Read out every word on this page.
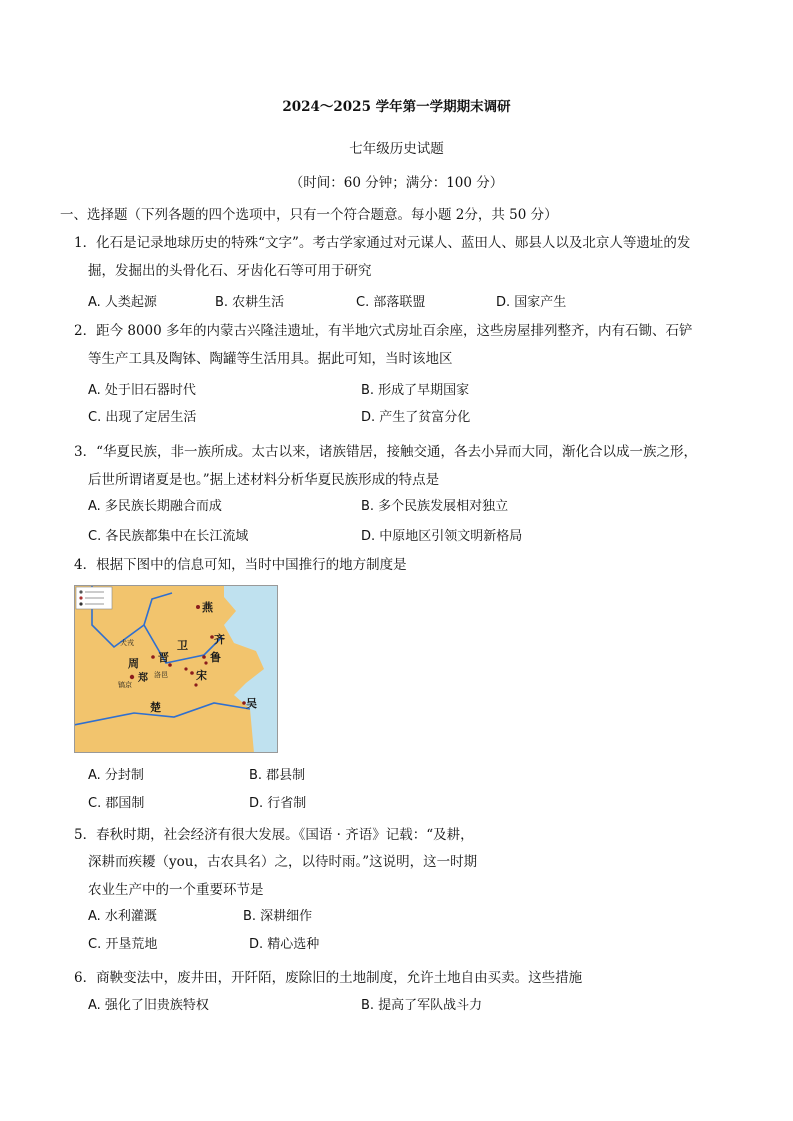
2024～2025 学年第一学期期末调研
七年级历史试题
（时间：60 分钟；满分：100 分）
一、选择题（下列各题的四个选项中，只有一个符合题意。每小题 2分，共 50 分）
1．化石是记录地球历史的特殊“文字”。考古学家通过对元谋人、蓝田人、郧县人以及北京人等遗址的发
掘，发掘出的头骨化石、牙齿化石等可用于研究
A. 人类起源	B. 农耕生活	C. 部落联盟	D. 国家产生
2．距今 8000 多年的内蒙古兴隆洼遗址，有半地穴式房址百余座，这些房屋排列整齐，内有石锄、石铲
等生产工具及陶钵、陶罐等生活用具。据此可知，当时该地区
A. 处于旧石器时代	B. 形成了早期国家
C. 出现了定居生活	D. 产生了贫富分化
3．“华夏民族，非一族所成。太古以来，诸族错居，接触交通，各去小异而大同，渐化合以成一族之形，
后世所谓诸夏是也。”据上述材料分析华夏民族形成的特点是
A. 多民族长期融合而成	B. 多个民族发展相对独立
C. 各民族都集中在长江流域	D. 中原地区引领文明新格局
4．根据下图中的信息可知，当时中国推行的地方制度是
燕
齐
鲁
卫
晋
周
郑	宋
楚	吴
犬戎
镐京
洛邑
A. 分封制	B. 郡县制
C. 郡国制	D. 行省制
5．春秋时期，社会经济有很大发展。《国语 · 齐语》记载：“及耕，
深耕而疾耰（you，古农具名）之，以待时雨。”这说明，这一时期
农业生产中的一个重要环节是
A. 水利灌溉	B. 深耕细作
C. 开垦荒地	D. 精心选种
6．商鞅变法中，废井田，开阡陌，废除旧的土地制度，允许土地自由买卖。这些措施
A. 强化了旧贵族特权	B. 提高了军队战斗力
